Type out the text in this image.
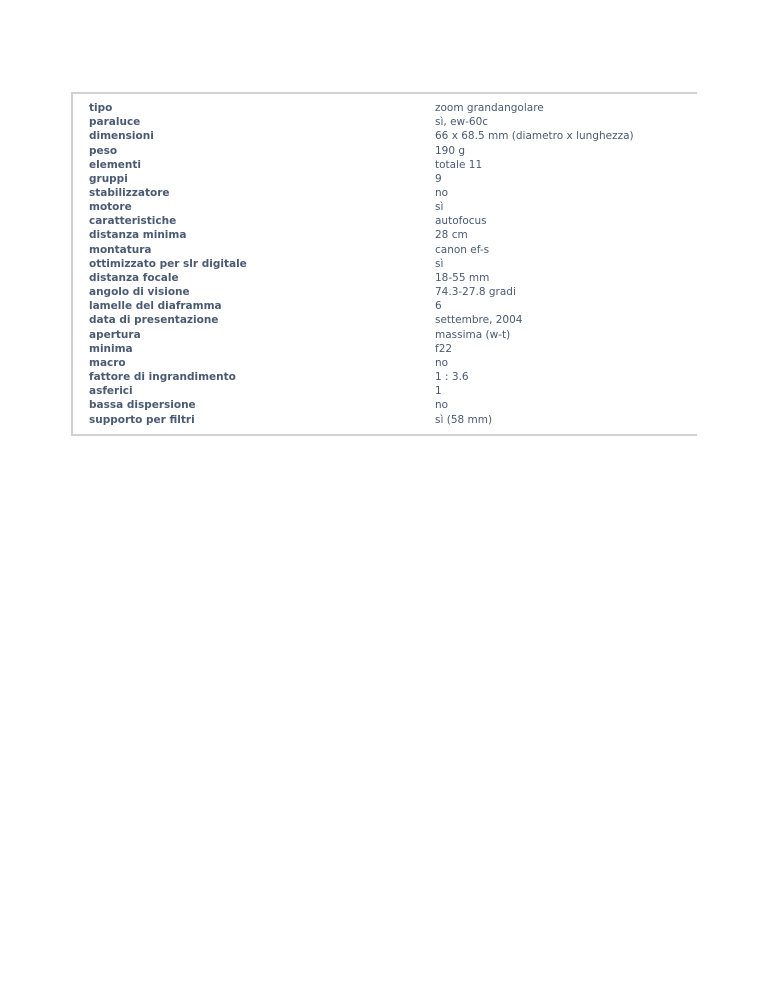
tipo	zoom grandangolare
paraluce	sì, ew-60c
dimensioni	66 x 68.5 mm (diametro x lunghezza)
peso	190 g
elementi	totale 11
gruppi	9
stabilizzatore	no
motore	sì
caratteristiche	autofocus
distanza minima	28 cm
montatura	canon ef-s
ottimizzato per slr digitale	sì
distanza focale	18-55 mm
angolo di visione	74.3-27.8 gradi
lamelle del diaframma	6
data di presentazione	settembre, 2004
apertura	massima (w-t)
minima	f22
macro	no
fattore di ingrandimento	1 : 3.6
asferici	1
bassa dispersione	no
supporto per filtri	sì (58 mm)
